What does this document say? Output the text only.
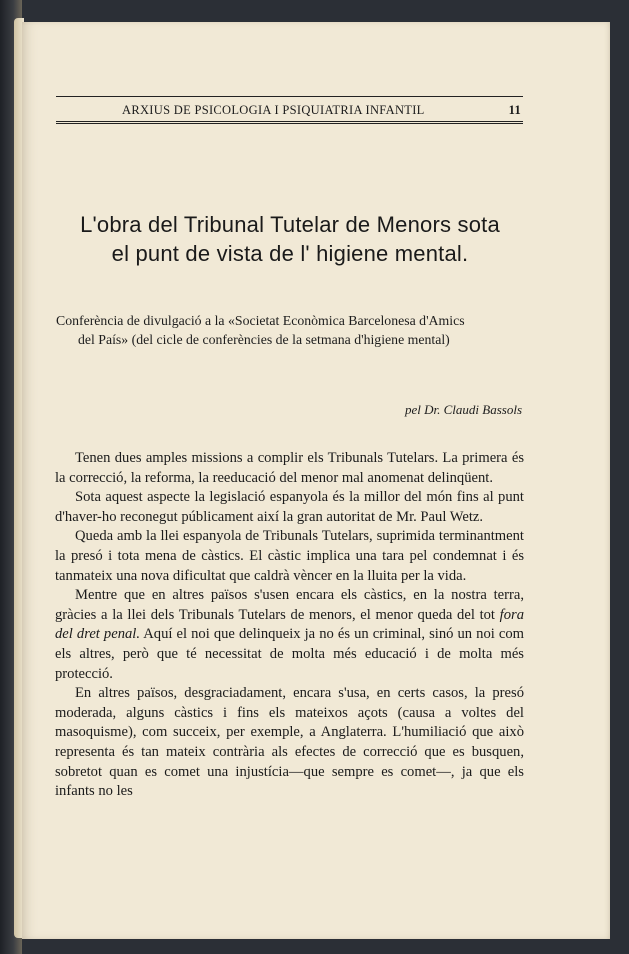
ARXIUS DE PSICOLOGIA I PSIQUIATRIA INFANTIL	11
L'obra del Tribunal Tutelar de Menors sota
el punt de vista de l' higiene mental.
Conferència de divulgació a la «Societat Econòmica Barcelonesa d'Amics
del País» (del cicle de conferències de la setmana d'higiene mental)
pel Dr. Claudi Bassols

Tenen dues amples missions a complir els Tribunals Tutelars. La primera és la correcció, la reforma, la reeducació del menor mal anomenat delinqüent.

Sota aquest aspecte la legislació espanyola és la millor del món fins al punt d'haver-ho reconegut públicament així la gran autoritat de Mr. Paul Wetz.

Queda amb la llei espanyola de Tribunals Tutelars, suprimida terminantment la presó i tota mena de càstics. El càstic implica una tara pel condemnat i és tanmateix una nova dificultat que caldrà vèncer en la lluita per la vida.

Mentre que en altres països s'usen encara els càstics, en la nostra terra, gràcies a la llei dels Tribunals Tutelars de menors, el menor queda del tot fora del dret penal. Aquí el noi que delinqueix ja no és un criminal, sinó un noi com els altres, però que té necessitat de molta més educació i de molta més protecció.

En altres països, desgraciadament, encara s'usa, en certs casos, la presó moderada, alguns càstics i fins els mateixos açots (causa a voltes del masoquisme), com succeix, per exemple, a Anglaterra. L'humiliació que això representa és tan mateix contrària als efectes de correcció que es busquen, sobretot quan es comet una injustícia—que sempre es comet—, ja que els infants no les
